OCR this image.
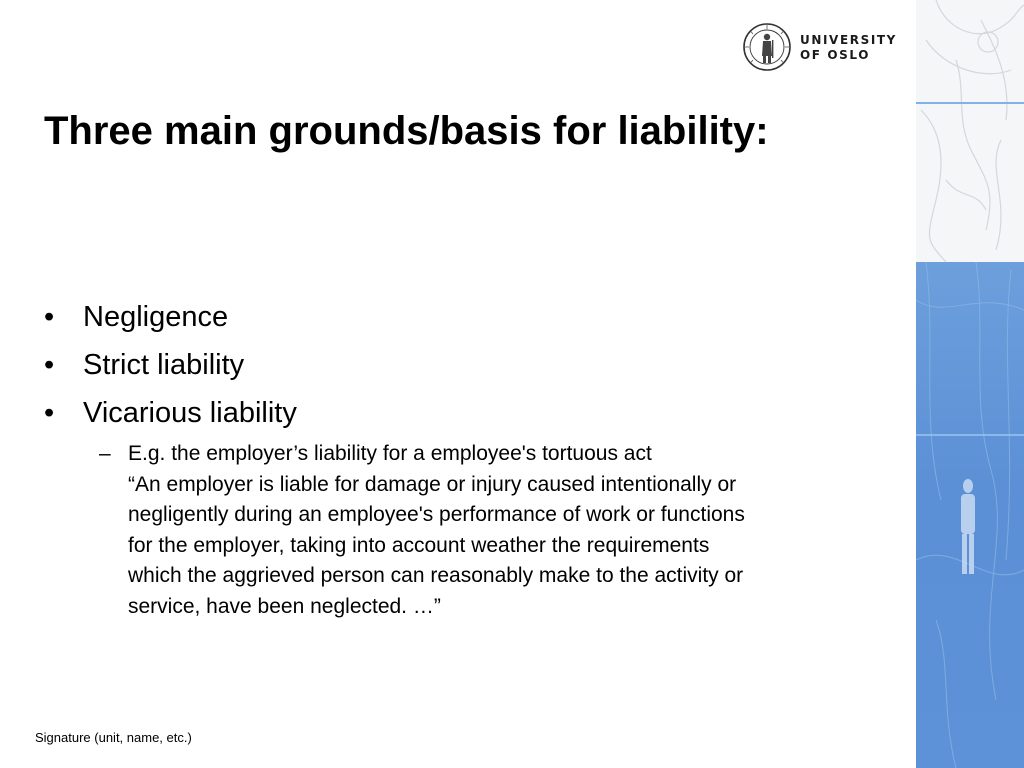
UNIVERSITY
OF OSLO
Three main grounds/basis for liability:
• Negligence
• Strict liability
• Vicarious liability
– E.g. the employer’s liability for a employee's tortuous act
“An employer is liable for damage or injury caused intentionally or
negligently during an employee's performance of work or functions
for the employer, taking into account weather the requirements
which the aggrieved person can reasonably make to the activity or
service, have been neglected. …”
Signature (unit, name, etc.)
